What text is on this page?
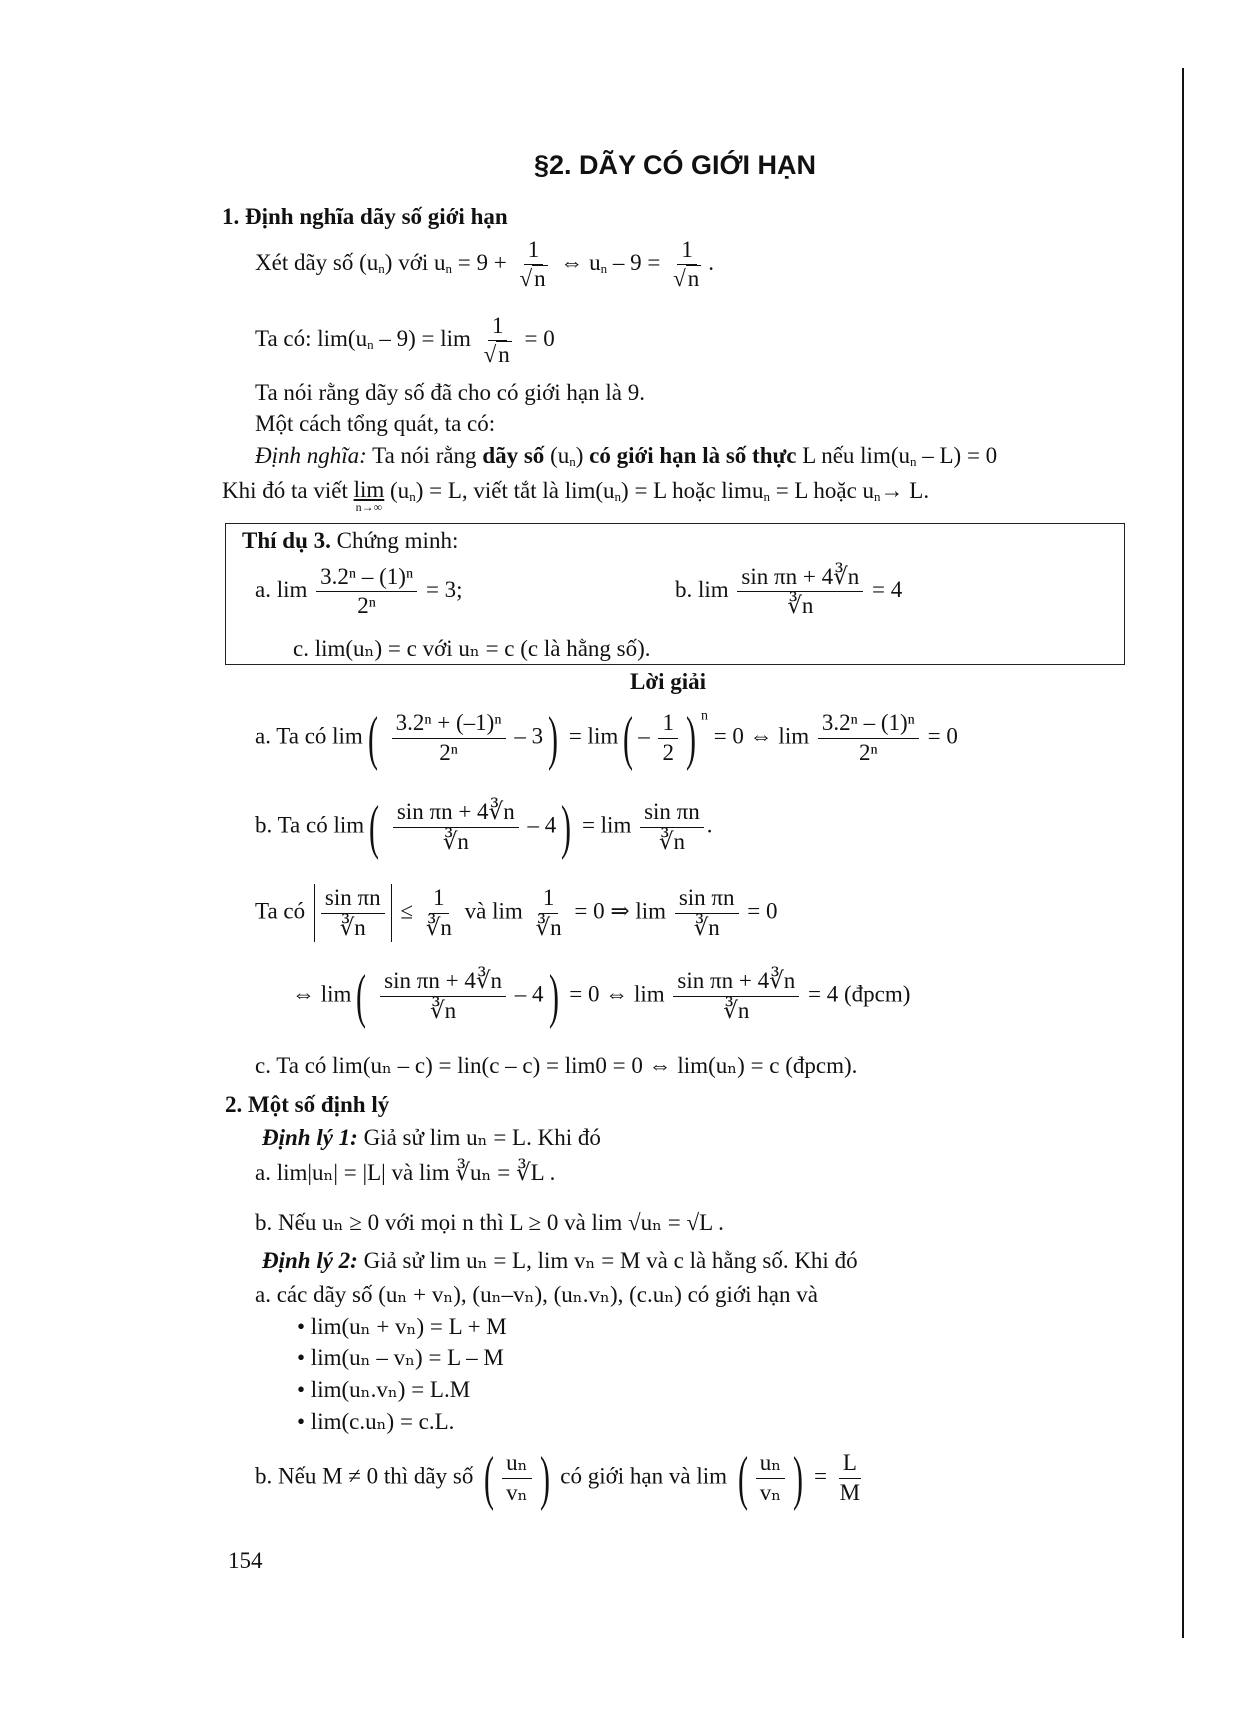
§2. DÃY CÓ GIỚI HẠN
1. Định nghĩa dãy số giới hạn
Xét dãy số $(u_n)$ với $u_n = 9 + \frac{1}{√n}$ ⇔ $u_n - 9 = \frac{1}{√n}$ .
Ta có: $\lim(u_n - 9) = \lim \frac{1}{√n} = 0$
Ta nói rằng dãy số đã cho có giới hạn là 9.
Một cách tổng quát, ta có:
Định nghĩa: Ta nói rằng dãy số $(u_n)$ có giới hạn là số thực L nếu $\lim(u_n - L) = 0$
Khi đó ta viết lim
n→∞
$(u_n) = L$, viết tắt là $\lim(u_n) = L$ hoặc limu$_n$ = L hoặc $u_n\to L$.
Thí dụ 3. Chứng minh:
a. $\lim \frac{\text{3.2ⁿ – (1)ⁿ}}{\text{2ⁿ}} = 3$;	b. $\lim \frac{\text{sin πn + 4∛n}}{∛n} = 4$
c. lim(uₙ) = c với uₙ = c (c là hằng số).
Lời giải
a. Ta có $\lim( \frac{\text{3.2ⁿ + (–1)ⁿ}}{\text{2ⁿ}} - 3) = \lim( - \frac{1}{2}$ ) $^n$ = 0 ⇔ $\lim \frac{\text{3.2ⁿ – (1)ⁿ}}{\text{2ⁿ}} = 0$
b. Ta có $\lim( \frac{\text{sin πn + 4∛n}}{∛n} - 4) = \lim \frac{\text{sin πn}}{∛n}$ .
Ta có $\frac{\text{sin πn}}{∛n} \le \frac{1}{∛n}$ và $\lim \frac{1}{∛n} = 0$ ⇒ $\lim \frac{\text{sin πn}}{∛n} = 0$
⇔ $\lim( \frac{\text{sin πn + 4∛n}}{∛n} - 4) = 0$ ⇔ $\lim \frac{\text{sin πn + 4∛n}}{∛n} = 4$ (đpcm)
c. Ta có lim(uₙ – c) = lin(c – c) = lim0 = 0 ⇔ lim(uₙ) = c (đpcm).
2. Một số định lý
Định lý 1: Giả sử lim uₙ = L. Khi đó
a. lim|uₙ| = |L| và lim ∛uₙ = ∛L .
b. Nếu uₙ ≥ 0 với mọi n thì L ≥ 0 và lim √uₙ = √L .
Định lý 2: Giả sử lim uₙ = L, lim vₙ = M và c là hằng số. Khi đó
a. các dãy số (uₙ + vₙ), (uₙ–vₙ), (uₙ.vₙ), (c.uₙ) có giới hạn và
• lim(uₙ + vₙ) = L + M
• lim(uₙ – vₙ) = L – M
• lim(uₙ.vₙ) = L.M
• lim(c.uₙ) = c.L.
b. Nếu M ≠ 0 thì dãy số ( $\frac{\text{uₙ}}{\text{vₙ}}$ ) có giới hạn và lim ( $\frac{\text{uₙ}}{\text{vₙ}}$ ) = $\frac{L}{M}$
154
